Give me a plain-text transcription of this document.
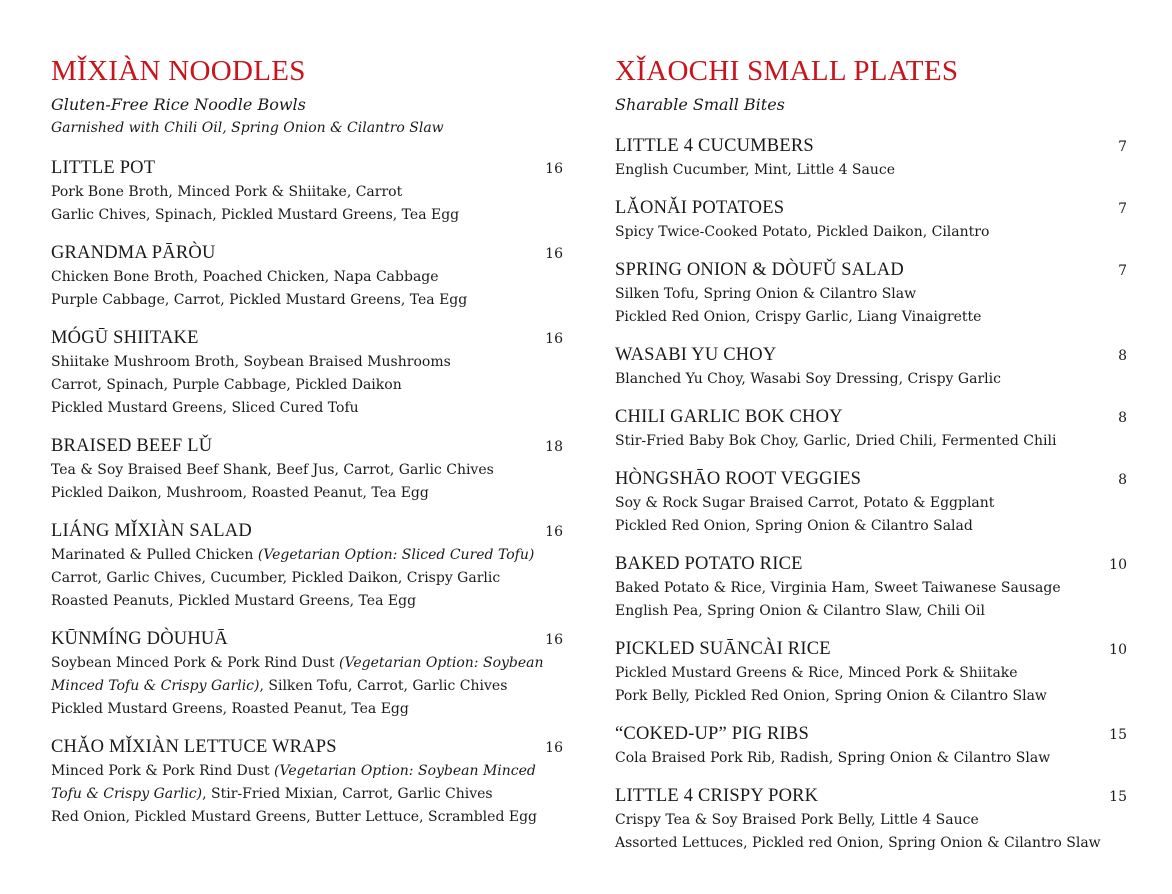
MǏXIÀN NOODLES
Gluten-Free Rice Noodle Bowls
Garnished with Chili Oil, Spring Onion & Cilantro Slaw
LITTLE POT	16
Pork Bone Broth, Minced Pork & Shiitake, Carrot
Garlic Chives, Spinach, Pickled Mustard Greens, Tea Egg
GRANDMA PĀRÒU	16
Chicken Bone Broth, Poached Chicken, Napa Cabbage
Purple Cabbage, Carrot, Pickled Mustard Greens, Tea Egg
MÓGŪ SHIITAKE	16
Shiitake Mushroom Broth, Soybean Braised Mushrooms
Carrot, Spinach, Purple Cabbage, Pickled Daikon
Pickled Mustard Greens, Sliced Cured Tofu
BRAISED BEEF LǓ	18
Tea & Soy Braised Beef Shank, Beef Jus, Carrot, Garlic Chives
Pickled Daikon, Mushroom, Roasted Peanut, Tea Egg
LIÁNG MǏXIÀN SALAD	16
Marinated & Pulled Chicken (Vegetarian Option: Sliced Cured Tofu)
Carrot, Garlic Chives, Cucumber, Pickled Daikon, Crispy Garlic
Roasted Peanuts, Pickled Mustard Greens, Tea Egg
KŪNMÍNG DÒUHUĀ	16
Soybean Minced Pork & Pork Rind Dust (Vegetarian Option: Soybean
Minced Tofu & Crispy Garlic), Silken Tofu, Carrot, Garlic Chives
Pickled Mustard Greens, Roasted Peanut, Tea Egg
CHǍO MǏXIÀN LETTUCE WRAPS	16
Minced Pork & Pork Rind Dust (Vegetarian Option: Soybean Minced
Tofu & Crispy Garlic), Stir-Fried Mixian, Carrot, Garlic Chives
Red Onion, Pickled Mustard Greens, Butter Lettuce, Scrambled Egg
XǏAOCHI SMALL PLATES
Sharable Small Bites
LITTLE 4 CUCUMBERS	7
English Cucumber, Mint, Little 4 Sauce
LǍONǍI POTATOES	7
Spicy Twice-Cooked Potato, Pickled Daikon, Cilantro
SPRING ONION & DÒUFǓ SALAD	7
Silken Tofu, Spring Onion & Cilantro Slaw
Pickled Red Onion, Crispy Garlic, Liang Vinaigrette
WASABI YU CHOY	8
Blanched Yu Choy, Wasabi Soy Dressing, Crispy Garlic
CHILI GARLIC BOK CHOY	8
Stir-Fried Baby Bok Choy, Garlic, Dried Chili, Fermented Chili
HÒNGSHĀO ROOT VEGGIES	8
Soy & Rock Sugar Braised Carrot, Potato & Eggplant
Pickled Red Onion, Spring Onion & Cilantro Salad
BAKED POTATO RICE	10
Baked Potato & Rice, Virginia Ham, Sweet Taiwanese Sausage
English Pea, Spring Onion & Cilantro Slaw, Chili Oil
PICKLED SUĀNCÀI RICE	10
Pickled Mustard Greens & Rice, Minced Pork & Shiitake
Pork Belly, Pickled Red Onion, Spring Onion & Cilantro Slaw
“COKED-UP” PIG RIBS	15
Cola Braised Pork Rib, Radish, Spring Onion & Cilantro Slaw
LITTLE 4 CRISPY PORK	15
Crispy Tea & Soy Braised Pork Belly, Little 4 Sauce
Assorted Lettuces, Pickled red Onion, Spring Onion & Cilantro Slaw
